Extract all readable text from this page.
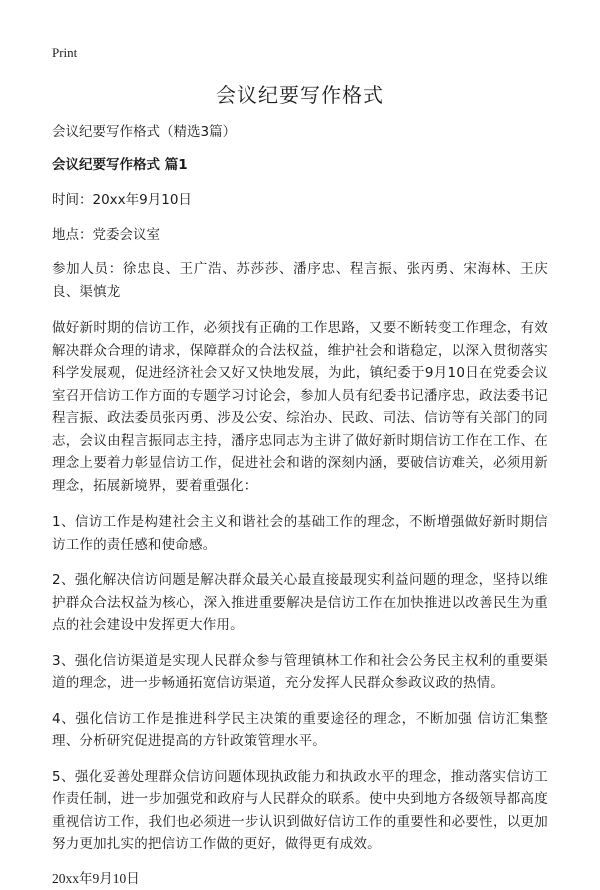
Print
会议纪要写作格式
会议纪要写作格式（精选3篇）
会议纪要写作格式 篇1
时间：20xx年9月10日
地点：党委会议室
参加人员：徐忠良、王广浩、苏莎莎、潘序忠、程言振、张丙勇、宋海林、王庆良、渠慎龙
做好新时期的信访工作，必须找有正确的工作思路，又要不断转变工作理念，有效解决群众合理的请求，保障群众的合法权益，维护社会和谐稳定，以深入贯彻落实科学发展观，促进经济社会又好又快地发展，为此，镇纪委于9月10日在党委会议室召开信访工作方面的专题学习讨论会，参加人员有纪委书记潘序忠，政法委书记程言振、政法委员张丙勇、涉及公安、综治办、民政、司法、信访等有关部门的同志，会议由程言振同志主持，潘序忠同志为主讲了做好新时期信访工作在工作、在理念上要着力彰显信访工作，促进社会和谐的深刻内涵，要破信访难关，必须用新理念，拓展新境界，要着重强化：
1、信访工作是构建社会主义和谐社会的基础工作的理念，不断增强做好新时期信访工作的责任感和使命感。
2、强化解决信访问题是解决群众最关心最直接最现实利益问题的理念，坚持以维护群众合法权益为核心，深入推进重要解决是信访工作在加快推进以改善民生为重点的社会建设中发挥更大作用。
3、强化信访渠道是实现人民群众参与管理镇林工作和社会公务民主权利的重要渠道的理念，进一步畅通拓宽信访渠道，充分发挥人民群众参政议政的热情。
4、强化信访工作是推进科学民主决策的重要途径的理念，不断加强 信访汇集整理、分析研究促进提高的方针政策管理水平。
5、强化妥善处理群众信访问题体现执政能力和执政水平的理念，推动落实信访工作责任制，进一步加强党和政府与人民群众的联系。使中央到地方各级领导都高度重视信访工作，我们也必须进一步认识到做好信访工作的重要性和必要性，以更加努力更加扎实的把信访工作做的更好，做得更有成效。
20xx年9月10日
